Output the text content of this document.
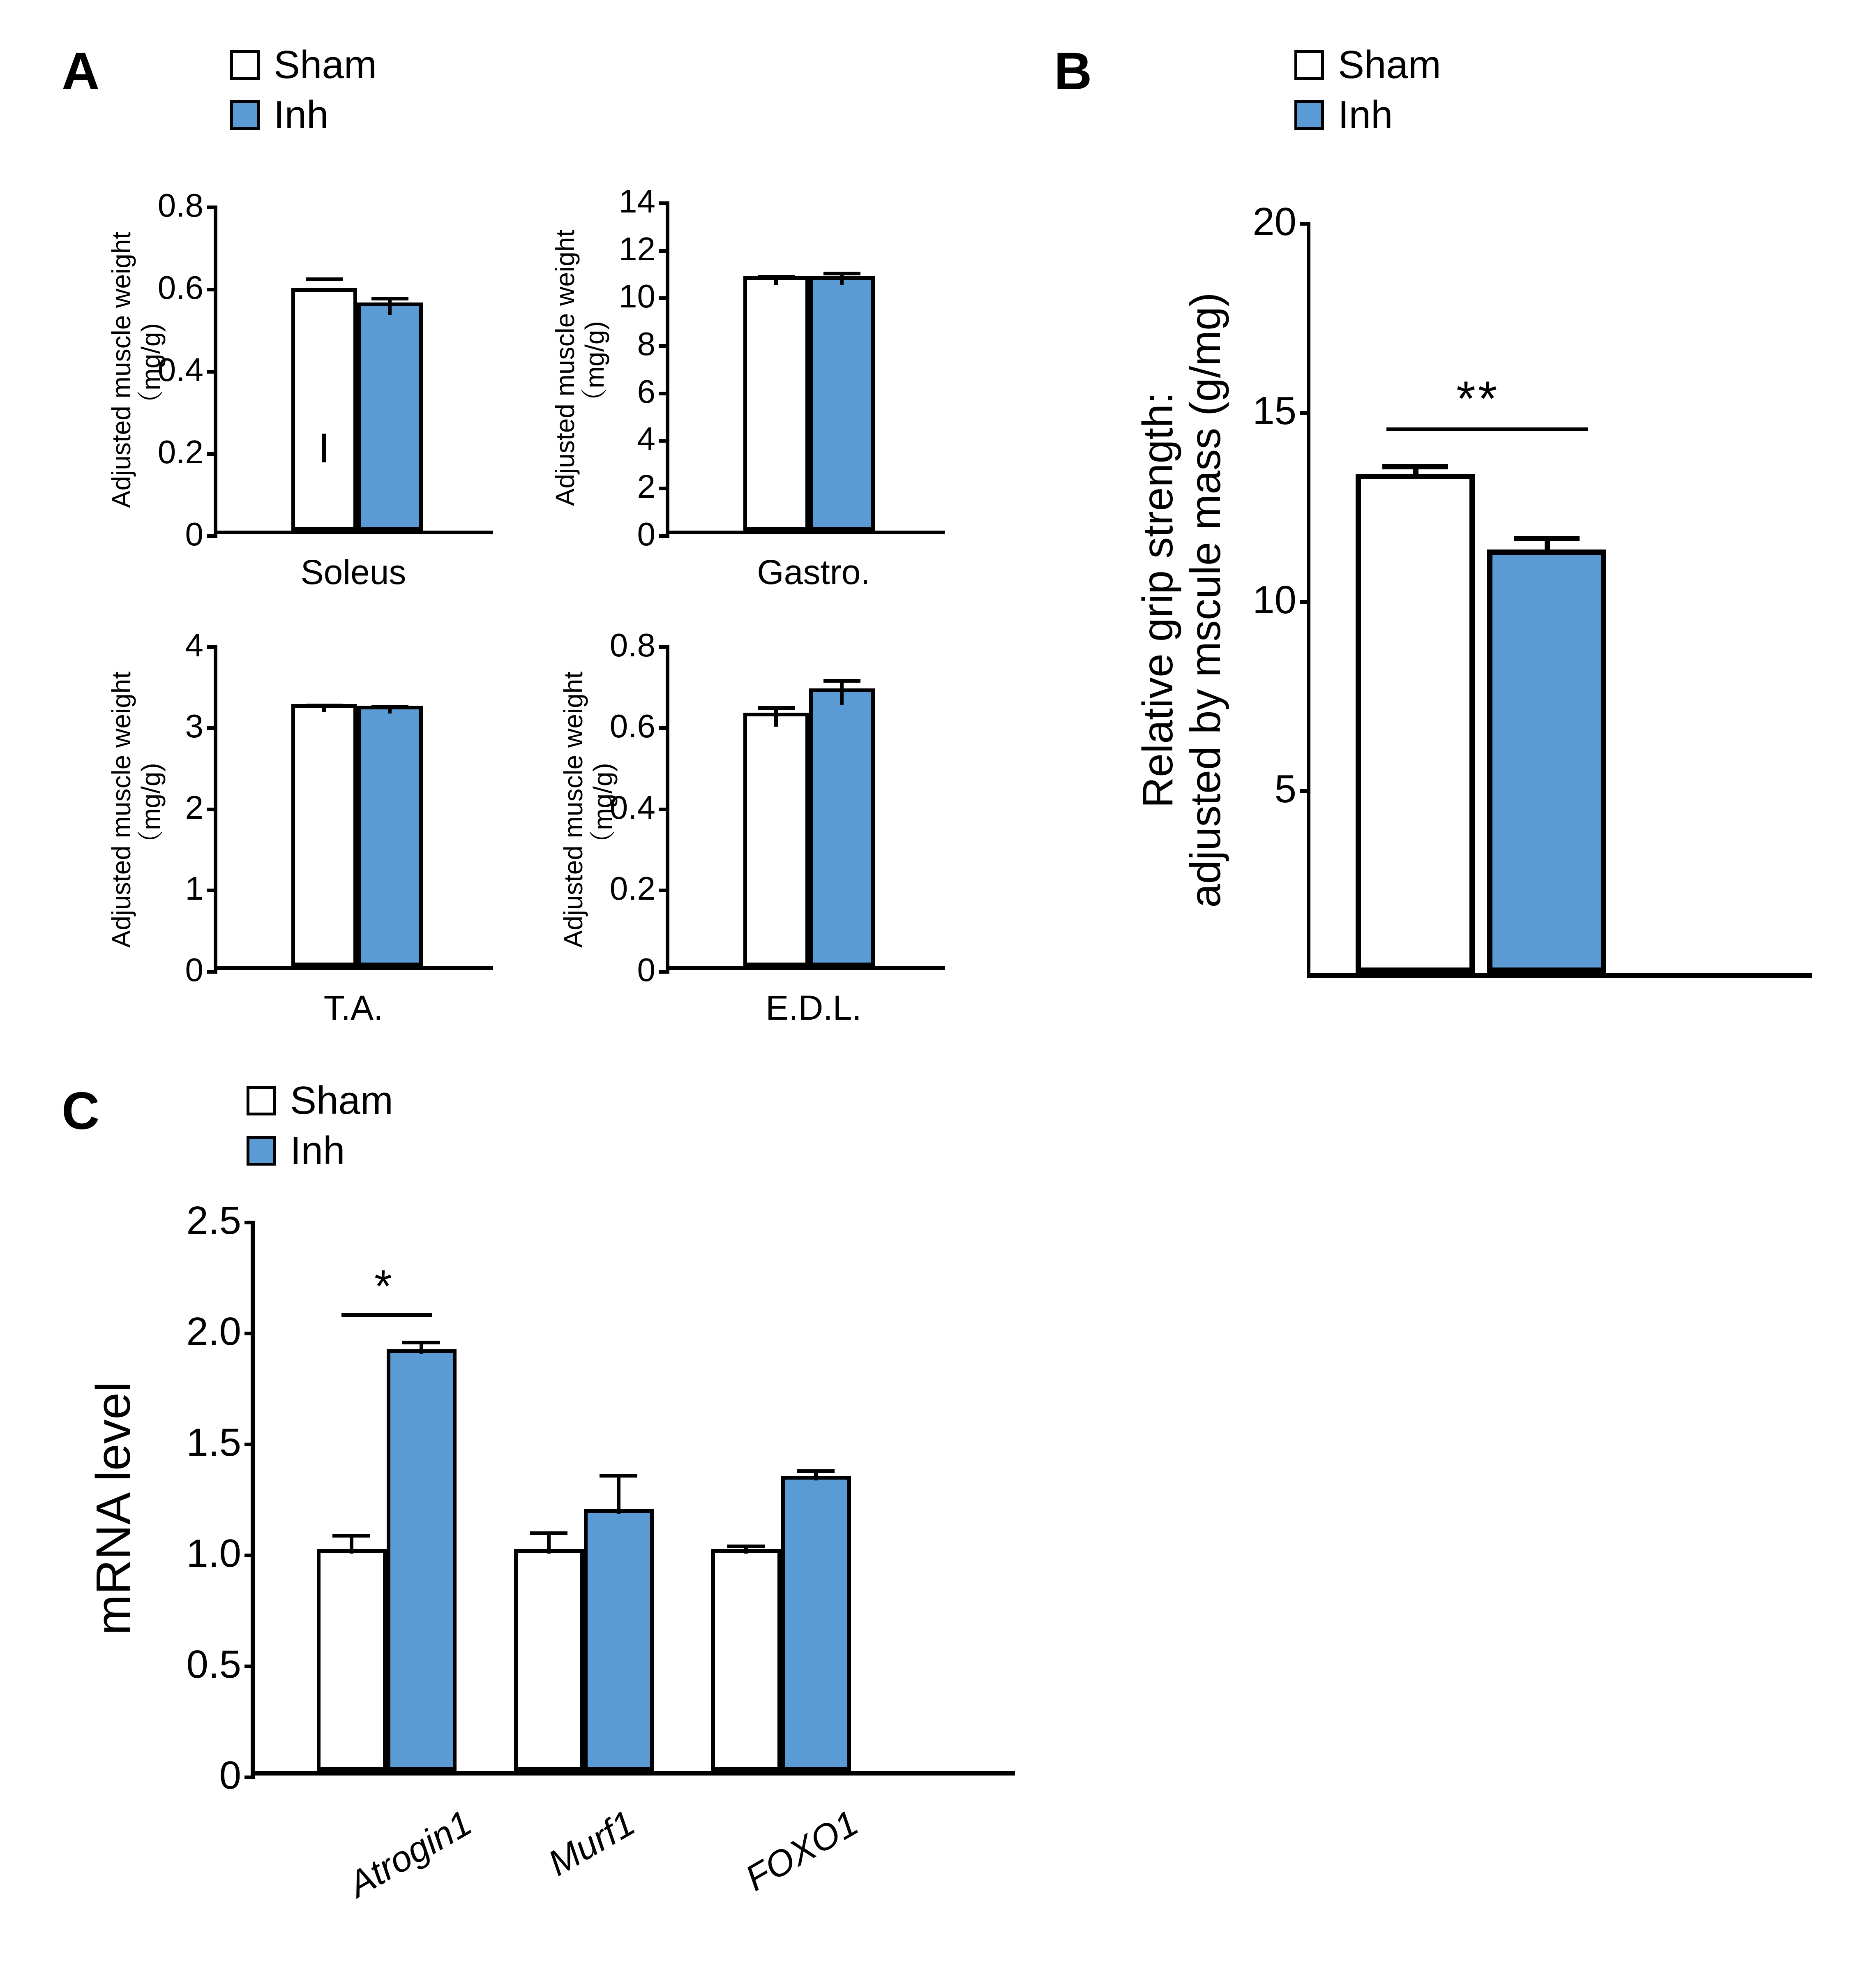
A	Sham
Inh
0
0.2
0.4
0.6
0.8
Soleus
Adjusted muscle weight
（mg/g)
0
2
4
6
8
10
12
14
Gastro.
Adjusted muscle weight
（mg/g)
0
1
2
3
4
T.A.
Adjusted muscle weight
（mg/g)
0
0.2
0.4
0.6
0.8
E.D.L.
Adjusted muscle weight
（mg/g)
B	Sham
Inh
20
15
10
5
**
Relative grip strength:
adjusted by mscule mass (g/mg)
C	Sham
Inh
0
0.5
1.0
1.5
2.0
2.5
*
mRNA level
Atrogin1 Murf1	FOXO1
